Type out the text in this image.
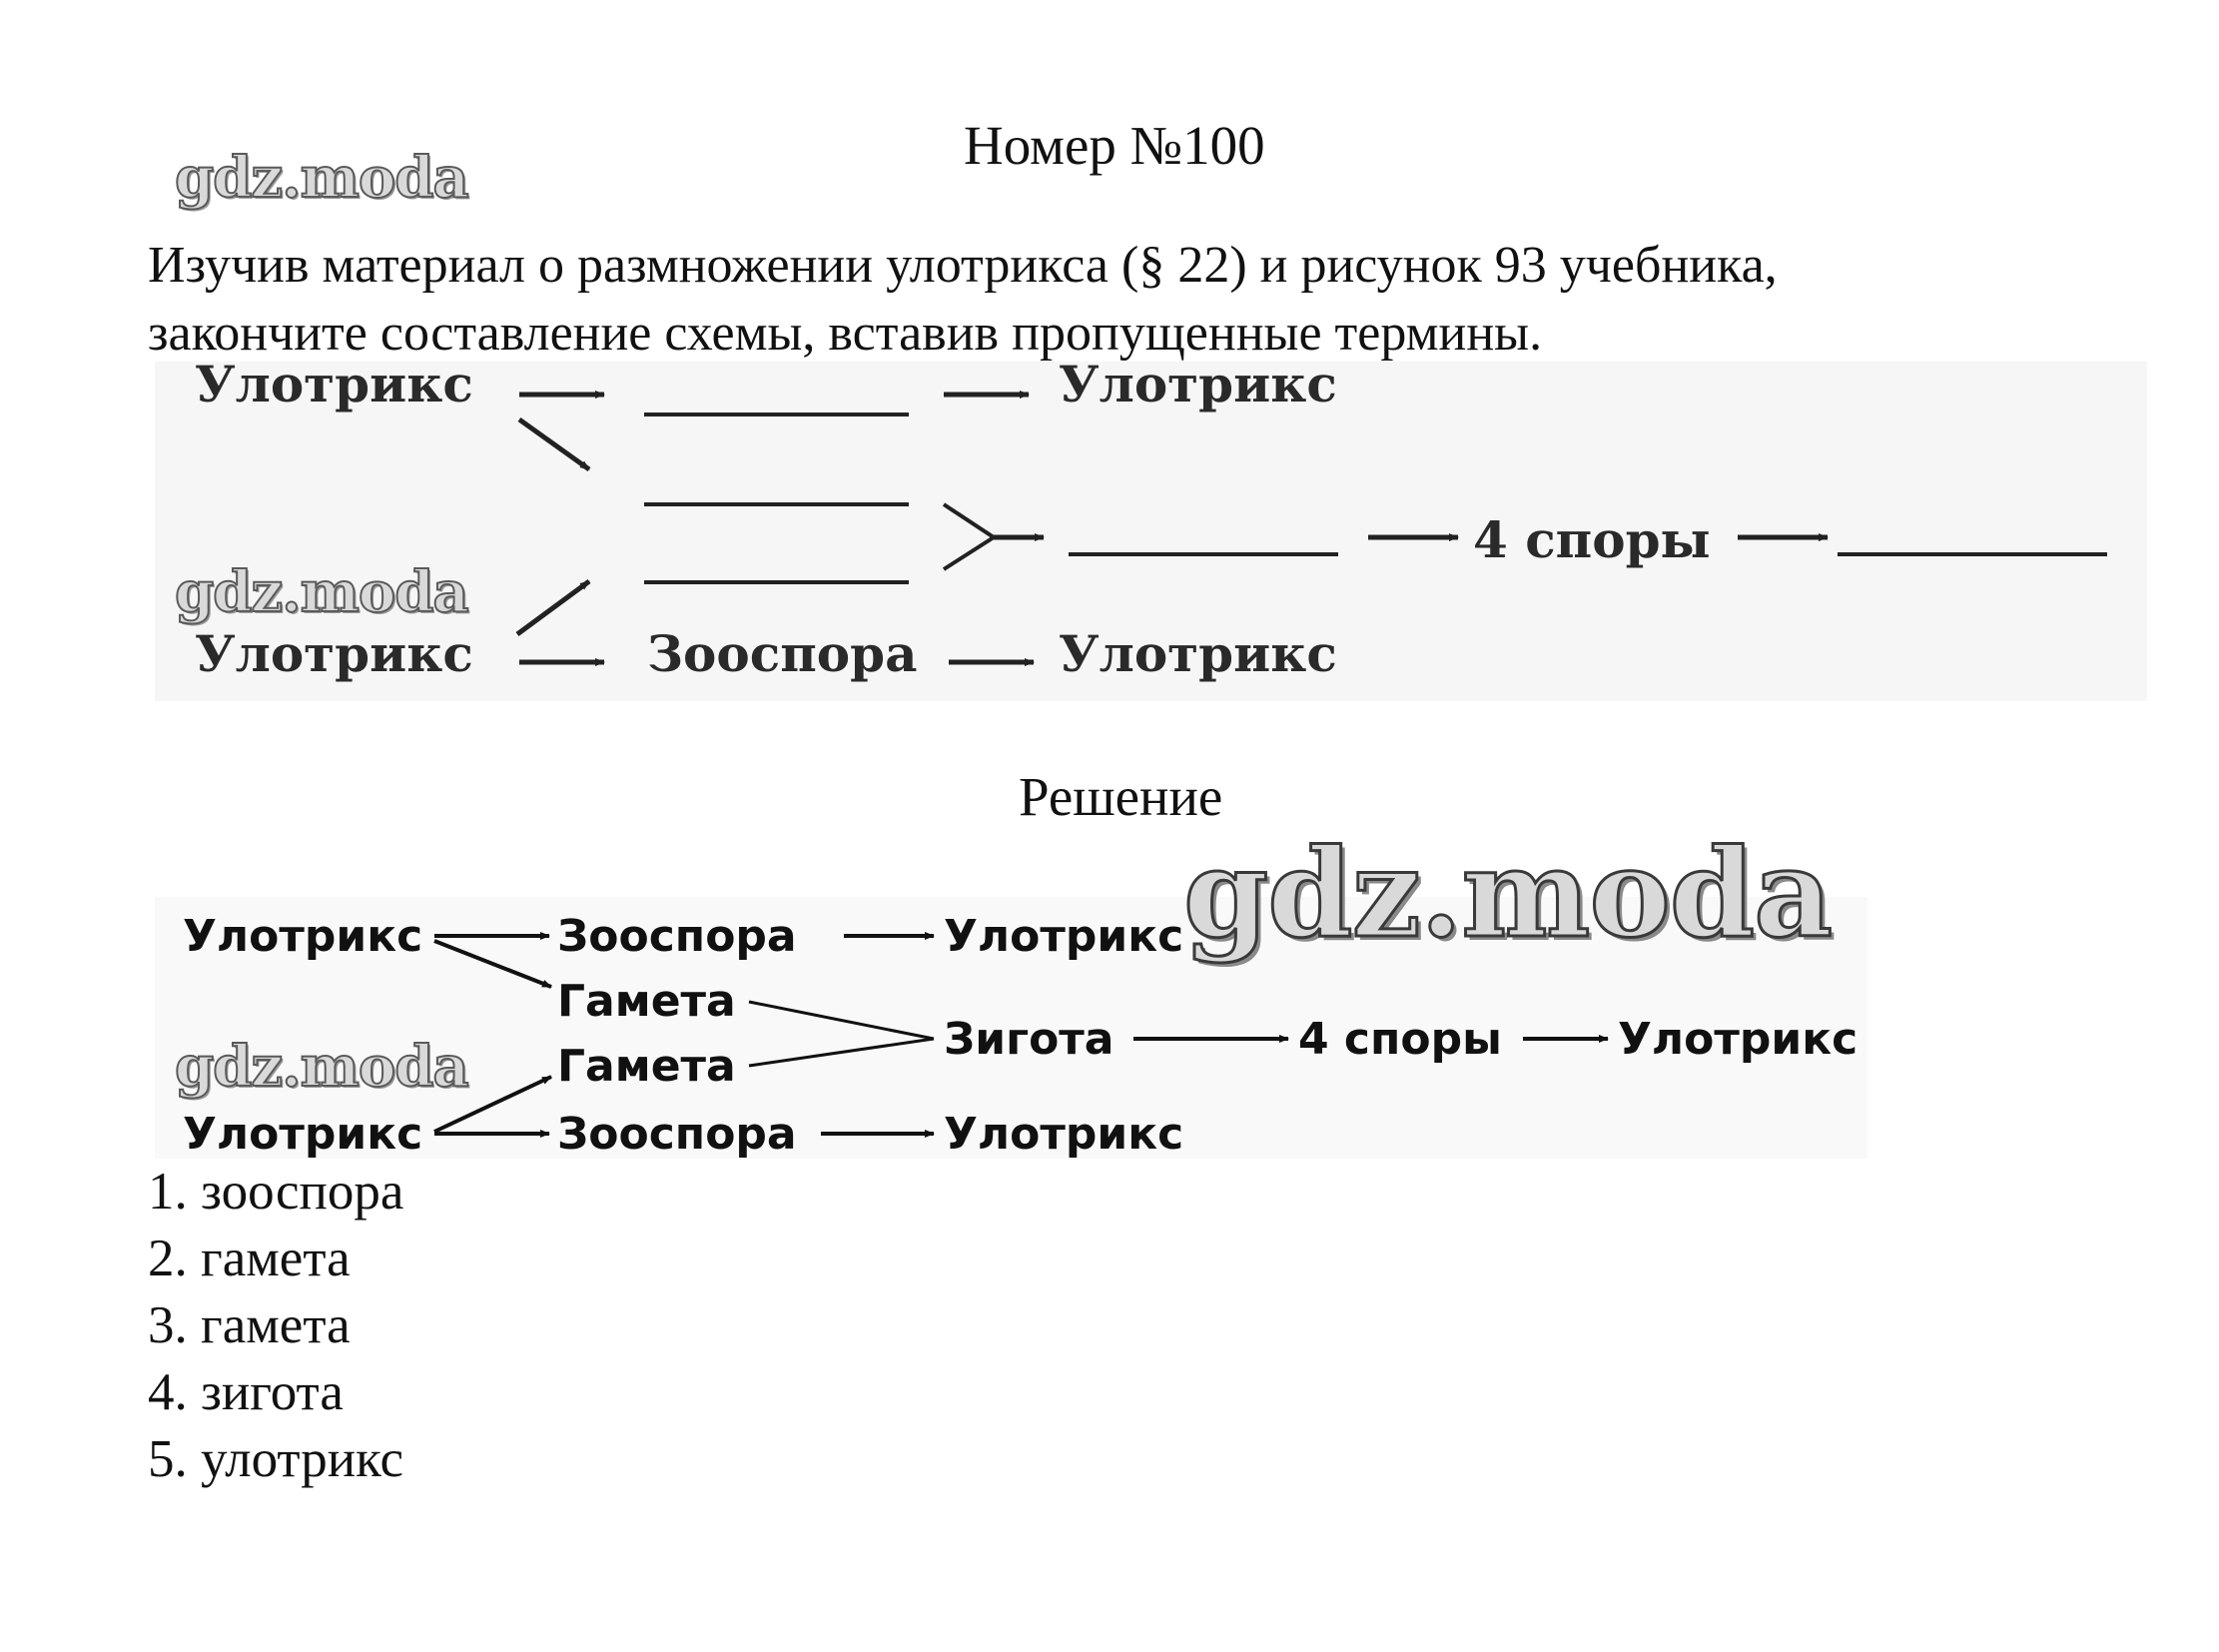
Номер №100
gdz.moda

Изучив материал о размножении улотрикса (§ 22) и рисунок 93 учебника,

закончите составление схемы, вставив пропущенные термины.

Улотрикс	Улотрикс
4 споры
Улотрикс	Зооспора	Улотрикс
gdz.moda
Решение
Улотрикс	Зооспора	Улотрикс
Гамета
Зигота	4 споры	Улотрикс
Гамета
Улотрикс	Зооспора	Улотрикс
gdz.moda
gdz.moda
1. зооспора
2. гамета
3. гамета
4. зигота
5. улотрикс
